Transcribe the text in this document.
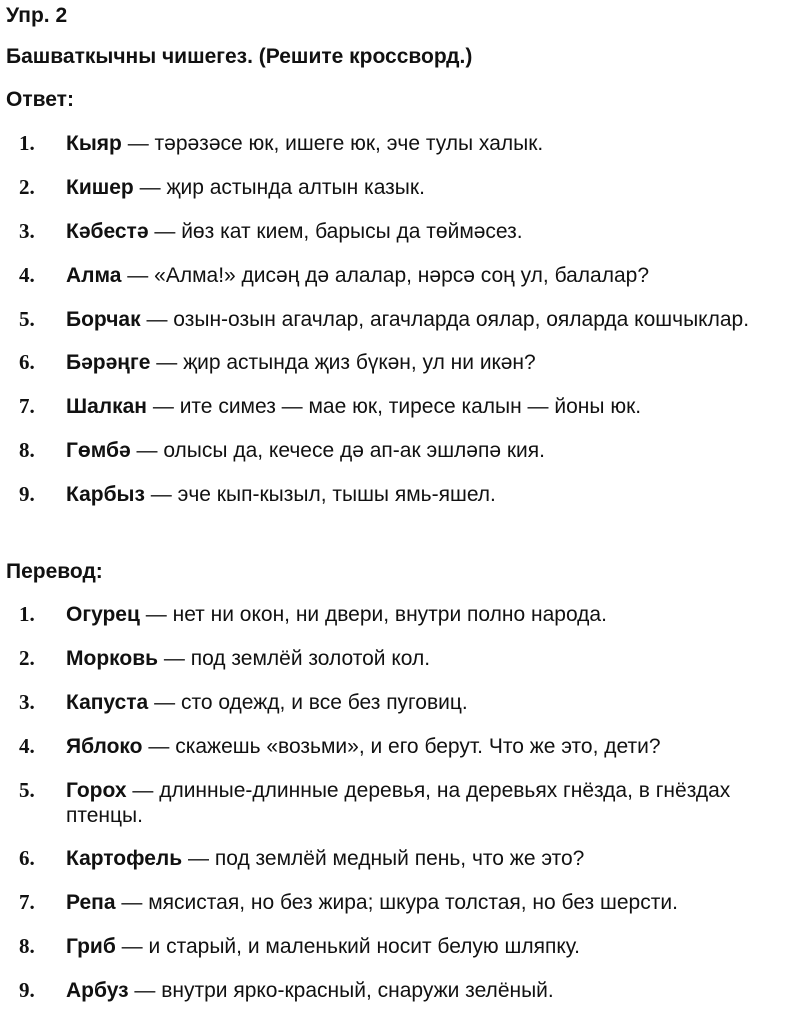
Упр. 2
Башваткычны чишегез. (Решите кроссворд.)
Ответ:
1. Кыяр — тәрәзәсе юк, ишеге юк, эче тулы халык.
2. Кишер — җир астында алтын казык.
3. Кәбестә — йөз кат кием, барысы да төймәсез.
4. Алма — «Алма!» дисәң дә алалар, нәрсә соң ул, балалар?
5. Борчак — озын-озын агачлар, агачларда оялар, ояларда кошчыклар.
6. Бәрәңге — җир астында җиз бүкән, ул ни икән?
7. Шалкан — ите симез — мае юк, тиресе калын — йоны юк.
8. Гөмбә — олысы да, кечесе дә ап-ак эшләпә кия.
9. Карбыз — эче кып-кызыл, тышы ямь-яшел.
Перевод:
1. Огурец — нет ни окон, ни двери, внутри полно народа.
2. Морковь — под землёй золотой кол.
3. Капуста — сто одежд, и все без пуговиц.
4. Яблоко — скажешь «возьми», и его берут. Что же это, дети?
5. Горох — длинные-длинные деревья, на деревьях гнёзда, в гнёздах птенцы.
6. Картофель — под землёй медный пень, что же это?
7. Репа — мясистая, но без жира; шкура толстая, но без шерсти.
8. Гриб — и старый, и маленький носит белую шляпку.
9. Арбуз — внутри ярко-красный, снаружи зелёный.
